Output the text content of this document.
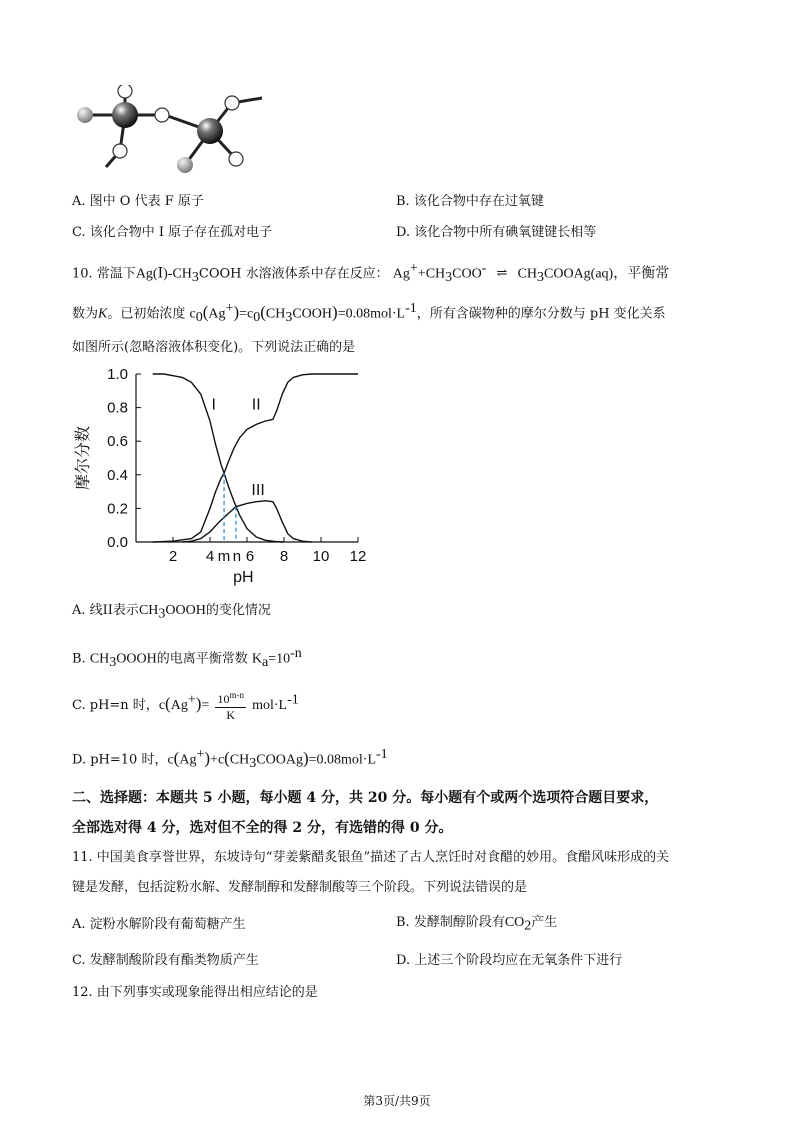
A. 图中 O 代表 F 原子	B. 该化合物中存在过氧键
C. 该化合物中 I 原子存在孤对电子	D. 该化合物中所有碘氧键键长相等
10. 常温下$Ag(Ⅰ)-CH_3COOH$ 水溶液体系中存在反应： $Ag^++CH_3COO^-$ ⇌ $CH_3COOAg(aq)$，平衡常
数为K。已初始浓度 $c_0(Ag^+)=c_0(CH_3COOH)=0.08mol\cdot L^{-1}$，所有含碳物种的摩尔分数与 pH 变化关系
如图所示(忽略溶液体积变化)。下列说法正确的是
0.0
0.2
0.4
0.6
0.8
1.0
2 4 6 8 10 12
pH
摩尔分数
m n
I II
III
A. 线II表示$CH_3OOOH$的变化情况
B. $CH_3OOOH$的电离平衡常数 $K_a=10^{-n}$
C. pH=n 时，$c(Ag^+)= \frac{10^{m-n}}{K} mol\cdot L^{-1}$
D. pH=10 时，$c(Ag^+)+c(CH_3COOAg)=0.08mol\cdot L^{-1}$
二、选择题：本题共 5 小题，每小题 4 分，共 20 分。每小题有个或两个选项符合题目要求，
全部选对得 4 分，选对但不全的得 2 分，有选错的得 0 分。
11. 中国美食享誉世界，东坡诗句“芽姜紫醋炙银鱼”描述了古人烹饪时对食醋的妙用。食醋风味形成的关
键是发酵，包括淀粉水解、发酵制醇和发酵制酸等三个阶段。下列说法错误的是
A. 淀粉水解阶段有葡萄糖产生	B. 发酵制醇阶段有$CO_2$产生
C. 发酵制酸阶段有酯类物质产生	D. 上述三个阶段均应在无氧条件下进行
12. 由下列事实或现象能得出相应结论的是
第3页/共9页
